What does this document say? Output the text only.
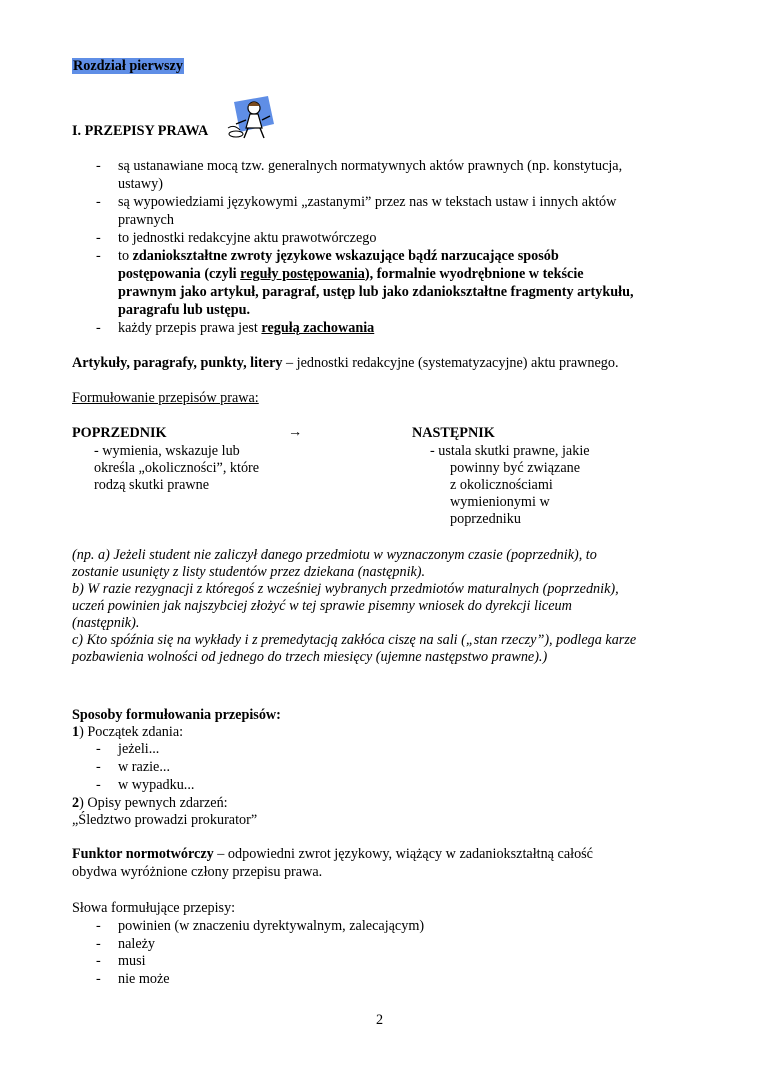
Rozdział pierwszy
I. PRZEPISY PRAWA
- są ustanawiane mocą tzw. generalnych normatywnych aktów prawnych (np. konstytucja,
ustawy)
- są wypowiedziami językowymi „zastanymi” przez nas w tekstach ustaw i innych aktów
prawnych
- to jednostki redakcyjne aktu prawotwórczego
- to zdaniokształtne zwroty językowe wskazujące bądź narzucające sposób
postępowania (czyli reguły postępowania), formalnie wyodrębnione w tekście
prawnym jako artykuł, paragraf, ustęp lub jako zdaniokształtne fragmenty artykułu,
paragrafu lub ustępu.
- każdy przepis prawa jest regułą zachowania
Artykuły, paragrafy, punkty, litery – jednostki redakcyjne (systematyzacyjne) aktu prawnego.
Formułowanie przepisów prawa:
POPRZEDNIK	→	NASTĘPNIK
- wymienia, wskazuje lub
określa „okoliczności”, które
rodzą skutki prawne
- ustala skutki prawne, jakie
powinny być związane
z okolicznościami
wymienionymi w
poprzedniku
(np. a) Jeżeli student nie zaliczył danego przedmiotu w wyznaczonym czasie (poprzednik), to
zostanie usunięty z listy studentów przez dziekana (następnik).
b) W razie rezygnacji z któregoś z wcześniej wybranych przedmiotów maturalnych (poprzednik),
uczeń powinien jak najszybciej złożyć w tej sprawie pisemny wniosek do dyrekcji liceum
(następnik).
c) Kto spóźnia się na wykłady i z premedytacją zakłóca ciszę na sali („stan rzeczy”), podlega karze
pozbawienia wolności od jednego do trzech miesięcy (ujemne następstwo prawne).)
Sposoby formułowania przepisów:
1) Początek zdania:
- jeżeli...
- w razie...
- w wypadku...
2) Opisy pewnych zdarzeń:
„Śledztwo prowadzi prokurator”
Funktor normotwórczy – odpowiedni zwrot językowy, wiążący w zadaniokształtną całość
obydwa wyróżnione człony przepisu prawa.
Słowa formułujące przepisy:
- powinien (w znaczeniu dyrektywalnym, zalecającym)
- należy
- musi
- nie może
2
